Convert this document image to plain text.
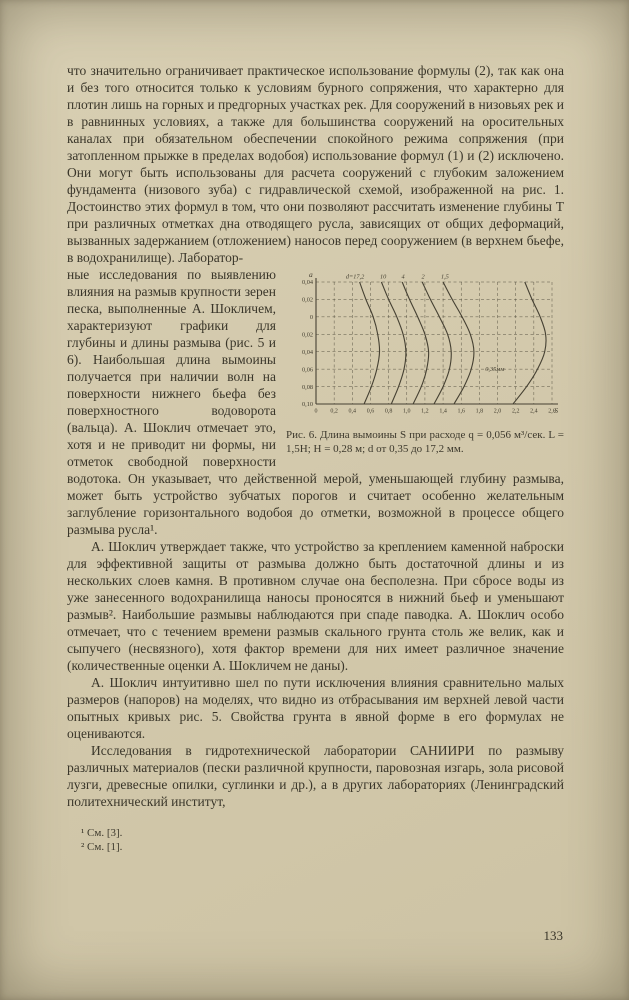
что значительно ограничивает практическое использование формулы (2), так как она и без того относится только к условиям бурного сопряжения, что характерно для плотин лишь на горных и предгорных участках рек. Для сооружений в низовьях рек и в равнинных условиях, а также для большинства сооружений на оросительных каналах при обязательном обеспечении спокойного режима сопряжения (при затопленном прыжке в пределах водобоя) использование формул (1) и (2) исключено. Они могут быть использованы для расчета сооружений с глубоким заложением фундамента (низового зуба) с гидравлической схемой, изображенной на рис. 1. Достоинство этих формул в том, что они позволяют рассчитать изменение глубины T при различных отметках дна отводящего русла, зависящих от общих деформаций, вызванных задержанием (отложением) наносов перед сооружением (в верхнем бьефе, в водохранилище). Лаборатор-

0,04
0,02
0
0,02
0,04
0,06
0,08
0,10
0 0,2 0,4 0,6 0,8 1,0 1,2 1,4 1,6 1,8 2,0 2,2 2,4 2,6
a
S
d=17,2	10 4	2	1,5
0,35мм
Рис. 6. Длина вымоины S при расходе q = 0,056 м³/сек. L = 1,5H; H = 0,28 м; d от 0,35 до 17,2 мм.

ные исследования по выявлению влияния на размыв крупности зерен песка, выполненные А. Шокличем, характеризуют графики для глубины и длины размыва (рис. 5 и 6). Наибольшая длина вымоины получается при наличии волн на поверхности нижнего бьефа без поверхностного водоворота (вальца). А. Шоклич отмечает это, хотя и не приводит ни формы, ни отметок свободной поверхности водотока. Он указывает, что действенной мерой, уменьшающей глубину размыва, может быть устройство зубчатых порогов и считает особенно желательным заглубление горизонтального водобоя до отметки, возможной в процессе общего размыва русла¹.

А. Шоклич утверждает также, что устройство за креплением каменной наброски для эффективной защиты от размыва должно быть достаточной длины и из нескольких слоев камня. В противном случае она бесполезна. При сбросе воды из уже занесенного водохранилища наносы проносятся в нижний бьеф и уменьшают размыв². Наибольшие размывы наблюдаются при спаде паводка. А. Шоклич особо отмечает, что с течением времени размыв скального грунта столь же велик, как и сыпучего (несвязного), хотя фактор времени для них имеет различное значение (количественные оценки А. Шокличем не даны).

А. Шоклич интуитивно шел по пути исключения влияния сравнительно малых размеров (напоров) на моделях, что видно из отбрасывания им верхней левой части опытных кривых рис. 5. Свойства грунта в явной форме в его формулах не оцениваются.

Исследования в гидротехнической лаборатории САНИИРИ по размыву различных материалов (пески различной крупности, паровозная изгарь, зола рисовой лузги, древесные опилки, суглинки и др.), а в других лабораториях (Ленинградский политехнический институт,

¹ См. [3].
² См. [1].
133
